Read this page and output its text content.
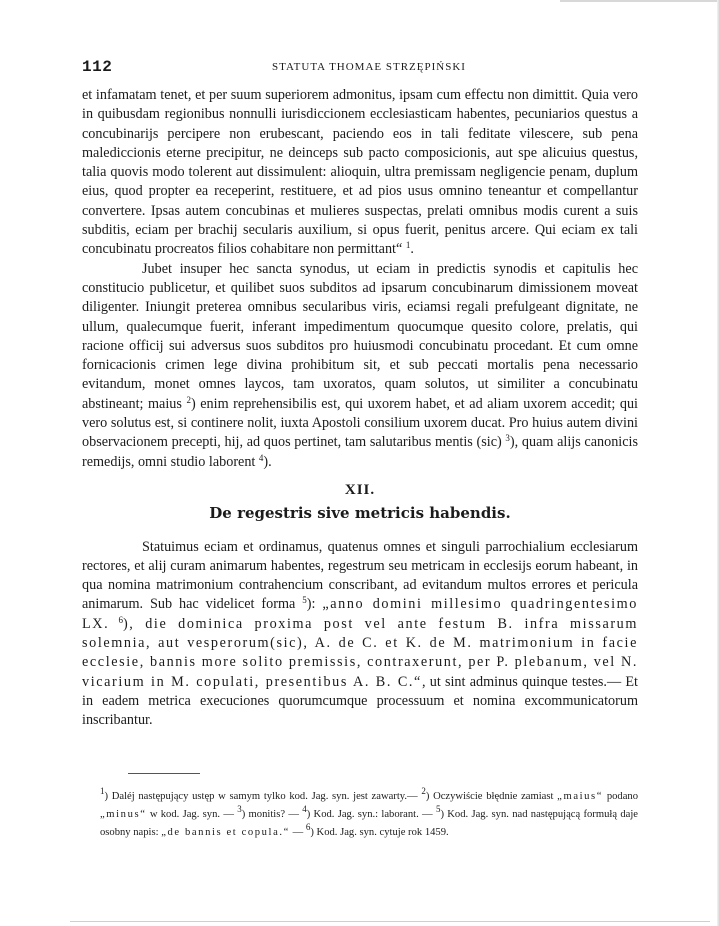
112	STATUTA THOMAE STRZĘPIŃSKI

et infamatam tenet, et per suum superiorem admonitus, ipsam cum effectu non dimittit. Quia vero in quibusdam regionibus nonnulli iurisdiccionem ecclesiasticam habentes, pecuniarios questus a concubinarijs percipere non erubescant, paciendo eos in tali feditate vilescere, sub pena malediccionis eterne precipitur, ne deinceps sub pacto composicionis, aut spe alicuius questus, talia quovis modo tolerent aut dissimulent: alioquin, ultra premissam negligencie penam, duplum eius, quod propter ea receperint, restituere, et ad pios usus omnino teneantur et compellantur convertere. Ipsas autem concubinas et mulieres suspectas, prelati omnibus modis curent a suis subditis, eciam per brachij secularis auxilium, si opus fuerit, penitus arcere. Qui eciam ex tali concubinatu procreatos filios cohabitare non permittant“ $^1$.

Jubet insuper hec sancta synodus, ut eciam in predictis synodis et capitulis hec constitucio publicetur, et quilibet suos subditos ad ipsarum concubinarum dimissionem moveat diligenter. Iniungit preterea omnibus secularibus viris, eciamsi regali prefulgeant dignitate, ne ullum, qualecumque fuerit, inferant impedimentum quocumque quesito colore, prelatis, qui racione officij sui adversus suos subditos pro huiusmodi concubinatu procedant. Et cum omne fornicacionis crimen lege divina prohibitum sit, et sub peccati mortalis pena necessario evitandum, monet omnes laycos, tam uxoratos, quam solutos, ut similiter a concubinatu abstineant; maius $^2$) enim reprehensibilis est, qui uxorem habet, et ad aliam uxorem accedit; qui vero solutus est, si continere nolit, iuxta Apostoli consilium uxorem ducat. Pro huius autem divini observacionem precepti, hij, ad quos pertinet, tam salutaribus mentis (sic) $^3$), quam alijs canonicis remedijs, omni studio laborent $^4$).

XII.
De regestris sive metricis habendis.

Statuimus eciam et ordinamus, quatenus omnes et singuli parrochialium ecclesiarum rectores, et alij curam animarum habentes, regestrum seu metricam in ecclesijs eorum habeant, in qua nomina matrimonium contrahencium conscribant, ad evitandum multos errores et pericula animarum. Sub hac videlicet forma $^5$): „anno domini millesimo quadringentesimo LX. $^6$), die dominica proxima post vel ante festum B. infra missarum solemnia, aut vesperorum(sic), A. de C. et K. de M. matrimonium in facie ecclesie, bannis more solito premissis, contraxerunt, per P. plebanum, vel N. vicarium in M. copulati, presentibus A. B. C.“, ut sint adminus quinque testes.— Et in eadem metrica execuciones quorumcumque processuum et nomina excommunicatorum inscribantur.

$^1$) Daléj następujący ustęp w samym tylko kod. Jag. syn. jest zawarty.— $^2$) Oczywiście błędnie zamiast „maius“ podano „minus“ w kod. Jag. syn. — $^3$) monitis? — $^4$) Kod. Jag. syn.: laborant. — $^5$) Kod. Jag. syn. nad następującą formułą daje osobny napis: „de bannis et copula.“ — $^6$) Kod. Jag. syn. cytuje rok 1459.
